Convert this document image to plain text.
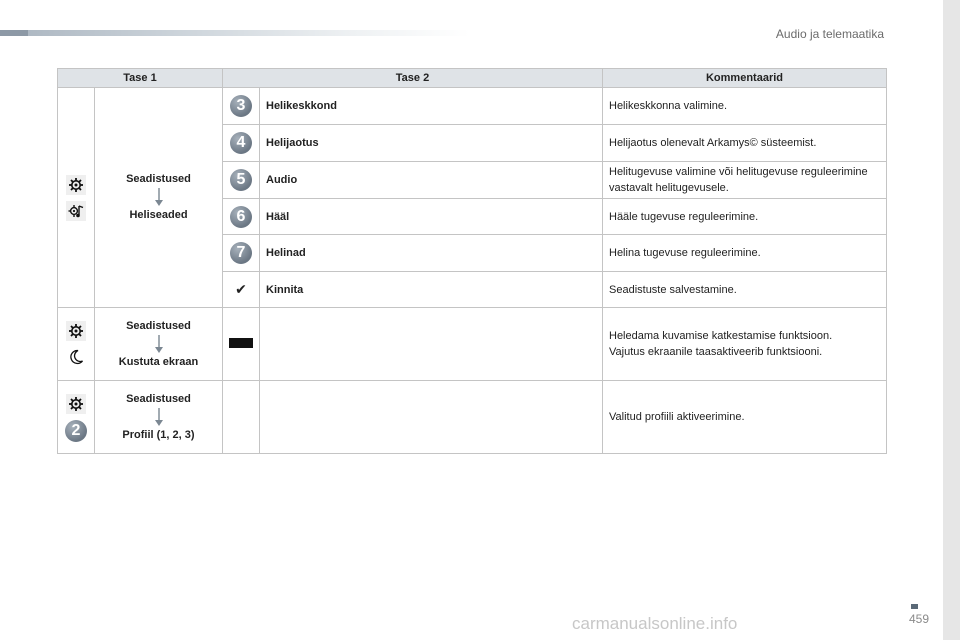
Audio ja telemaatika
Tase 1		Tase 2		Kommentaarid

Seadistused
Heliseaded	3	Helikeskkond	Helikeskkonna valimine.
		4	Helijaotus	Helijaotus olenevalt Arkamys© süsteemist.
		5	Audio	Helitugevuse valimine või helitugevuse reguleerimine vastavalt helitugevusele.
		6	Hääl	Hääle tugevuse reguleerimine.
		7	Helinad	Helina tugevuse reguleerimine.
		✔	Kinnita	Seadistuste salvestamine.

Seadistused
Kustuta ekraan			Heledama kuvamise katkestamise funktsioon.
Vajutus ekraanile taasaktiveerib funktsiooni.

2	Seadistused
Profiil (1, 2, 3)			Valitud profiili aktiveerimine.
459
carmanualsonline.info
